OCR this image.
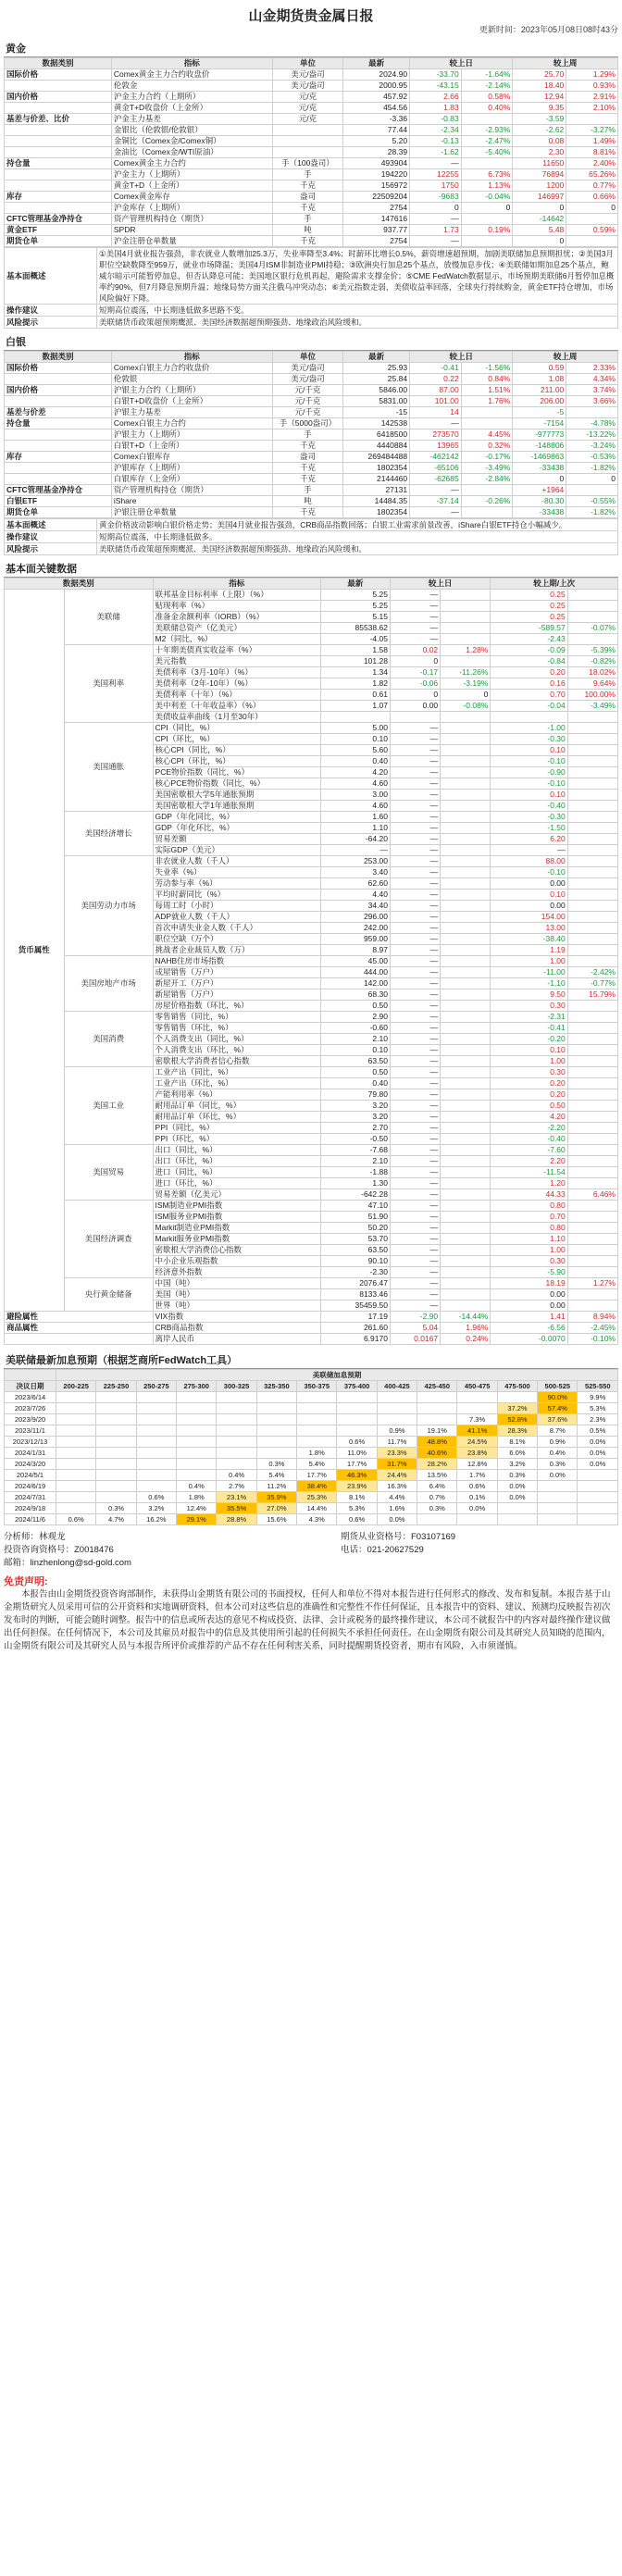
山金期货贵金属日报
更新时间：2023年05月08日08时43分
黄金
数据类别	指标	单位	最新	较上日		较上周	
国际价格	Comex黄金主力合约收盘价	美元/盎司	2024.90	-33.70	-1.64%	25.70	1.29%
	伦敦金	美元/盎司	2000.95	-43.15	-2.14%	18.40	0.93%
国内价格	沪金主力合约（上期所）	元/克	457.92	2.66	0.58%	12.94	2.91%
	黄金T+D收盘价（上金所）	元/克	454.56	1.83	0.40%	9.35	2.10%
基差与价差、比价	沪金主力基差	元/克	-3.36	-0.83		-3.59	
	金银比（伦敦银/伦敦银）		77.44	-2.34	-2.93%	-2.62	-3.27%
	金铜比（Comex金/Comex铜）		5.20	-0.13	-2.47%	0.08	1.49%
	金油比（Comex金/WTI原油）		28.39	-1.62	-5.40%	2.30	8.81%
持仓量	Comex黄金主力合约	手（100盎司）	493904	—		11650	2.40%
	沪金主力（上期所）	手	194220	12255	6.73%	76894	65.26%
	黄金T+D（上金所）	千克	156972	1750	1.13%	1200	0.77%
库存	Comex黄金库存	盎司	22509204	-9683	-0.04%	146997	0.66%
	沪金库存（上期所）	千克	2754	0	0	0	0
CFTC管理基金净持仓	资产管理机构持仓（期货）	手	147616	—		-14642	
黄金ETF	SPDR	吨	937.77	1.73	0.19%	5.48	0.59%
期货仓单	沪金注册仓单数量	千克	2754	—		0	
基本面概述	①美国4月就业报告强劲，非农就业人数增加25.3万，失业率降至3.4%；时薪环比增长0.5%，薪资增速超预期，加剧美联储加息预期担忧；②美国3月职位空缺数降至959万，就业市场降温；美国4月ISM非制造业PMI持稳；③欧洲央行加息25个基点，放慢加息步伐；④美联储如期加息25个基点，鲍威尔暗示可能暂停加息，但否认降息可能；美国地区银行危机再起，避险需求支撑金价；⑤CME FedWatch数据显示，市场预期美联储6月暂停加息概率约90%，但7月降息预期升温；地缘局势方面关注俄乌冲突动态；⑥美元指数走弱，美债收益率回落，全球央行持续购金，黄金ETF持仓增加，市场风险偏好下降。
操作建议	短期高位震荡，中长期逢低做多思路不变。
风险提示	美联储货币政策超预期鹰派、美国经济数据超预期强劲、地缘政治风险缓和。
白银
数据类别	指标	单位	最新	较上日		较上周	
国际价格	Comex白银主力合约收盘价	美元/盎司	25.93	-0.41	-1.56%	0.59	2.33%
	伦敦银	美元/盎司	25.84	0.22	0.84%	1.08	4.34%
国内价格	沪银主力合约（上期所）	元/千克	5846.00	87.00	1.51%	211.00	3.74%
	白银T+D收盘价（上金所）	元/千克	5831.00	101.00	1.76%	206.00	3.66%
基差与价差	沪银主力基差	元/千克	-15	14		-5	
持仓量	Comex白银主力合约	手（5000盎司）	142538	—		-7154	-4.78%
	沪银主力（上期所）	手	6418500	273570	4.45%	-977773	-13.22%
	白银T+D（上金所）	千克	4440884	13965	0.32%	-148806	-3.24%
库存	Comex白银库存	盎司	269484488	-462142	-0.17%	-1469863	-0.53%
	沪银库存（上期所）	千克	1802354	-65106	-3.49%	-33438	-1.82%
	白银库存（上金所）	千克	2144460	-62685	-2.84%	0	0
CFTC管理基金净持仓	资产管理机构持仓（期货）	手	27131	—		+1964	
白银ETF	iShare	吨	14484.35	-37.14	-0.26%	-80.30	-0.55%
期货仓单	沪银注册仓单数量	千克	1802354	—		-33438	-1.82%
基本面概述	黄金价格波动影响白银价格走势；美国4月就业报告强劲，CRB商品指数回落；白银工业需求前景改善，iShare白银ETF持仓小幅减少。
操作建议	短期高位震荡，中长期逢低做多。
风险提示	美联储货币政策超预期鹰派、美国经济数据超预期强劲、地缘政治风险缓和。
基本面关键数据
数据类别		指标	最新	较上日		较上期/上次	
货币属性	美联储	联邦基金目标利率（上限）（%）	5.25	—		0.25	
		贴现利率（%）	5.25	—		0.25	
		准备金余额利率（IORB）（%）	5.15	—		0.25	
		美联储总资产（亿美元）	85538.62	—		-589.57	-0.07%
		M2（同比，%）	-4.05	—		-2.43	
	美国利率	十年期美债真实收益率（%）	1.58	0.02	1.28%	-0.09	-5.39%
		美元指数	101.28	0		-0.84	-0.82%
		美债利率（3月-10年）（%）	1.34	-0.17	-11.26%	0.20	18.02%
		美债利率（2年-10年）（%）	1.82	-0.06	-3.19%	0.16	9.64%
		美债利率（十年）（%）	0.61	0	0	0.70	100.00%
		美中利差（十年收益率）（%）	1.07	0.00	-0.08%	-0.04	-3.49%
		美债收益率曲线（1月至30年）					
	美国通胀	CPI（同比，%）	5.00	—		-1.00	
		CPI（环比，%）	0.10	—		-0.30	
		核心CPI（同比，%）	5.60	—		0.10	
		核心CPI（环比，%）	0.40	—		-0.10	
		PCE物价指数（同比，%）	4.20	—		-0.90	
		核心PCE物价指数（同比，%）	4.60	—		-0.10	
		美国密歇根大学5年通胀预期	3.00	—		0.10	
		美国密歇根大学1年通胀预期	4.60	—		-0.40	
	美国经济增长	GDP（年化同比，%）	1.60	—		-0.30	
		GDP（年化环比，%）	1.10	—		-1.50	
		贸易差额	-64.20	—		6.20	
		实际GDP（美元）	—	—		—	
	美国劳动力市场	非农就业人数（千人）	253.00	—		88.00	
		失业率（%）	3.40	—		-0.10	
		劳动参与率（%）	62.60	—		0.00	
		平均时薪同比（%）	4.40	—		0.10	
		每周工时（小时）	34.40	—		0.00	
		ADP就业人数（千人）	296.00	—		154.00	
		首次申请失业金人数（千人）	242.00	—		13.00	
		职位空缺（万个）	959.00	—		-38.40	
		挑战者企业裁员人数（万）	8.97	—		1.19	
	美国房地产市场	NAHB住房市场指数	45.00	—		1.00	
		成屋销售（万户）	444.00	—		-11.00	-2.42%
		新屋开工（万户）	142.00	—		-1.10	-0.77%
		新屋销售（万户）	68.30	—		9.50	15.79%
		房屋价格指数（环比，%）	0.50	—		0.30	
	美国消费	零售销售（同比，%）	2.90	—		-2.31	
		零售销售（环比，%）	-0.60	—		-0.41	
		个人消费支出（同比，%）	2.10	—		-0.20	
		个人消费支出（环比，%）	0.10	—		0.10	
		密歇根大学消费者信心指数	63.50	—		1.00	
	美国工业	工业产出（同比，%）	0.50	—		0.30	
		工业产出（环比，%）	0.40	—		0.20	
		产能利用率（%）	79.80	—		0.20	
		耐用品订单（同比，%）	3.20	—		0.50	
		耐用品订单（环比，%）	3.20	—		4.20	
		PPI（同比，%）	2.70	—		-2.20	
		PPI（环比，%）	-0.50	—		-0.40	
	美国贸易	出口（同比，%）	-7.68	—		-7.60	
		出口（环比，%）	2.10	—		2.20	
		进口（同比，%）	-1.88	—		-11.54	
		进口（环比，%）	1.30	—		1.20	
		贸易差额（亿美元）	-642.28	—		44.33	6.46%
	美国经济调查	ISM制造业PMI指数	47.10	—		0.80	
		ISM服务业PMI指数	51.90	—		0.70	
		Markit制造业PMI指数	50.20	—		0.80	
		Markit服务业PMI指数	53.70	—		1.10	
		密歇根大学消费信心指数	63.50	—		1.00	
		中小企业乐观指数	90.10	—		0.30	
		经济意外指数	-2.30	—		-5.90	
	央行黄金储备	中国（吨）	2076.47	—		18.19	1.27%
		美国（吨）	8133.46	—		0.00	
		世界（吨）	35459.50	—		0.00	
避险属性		VIX指数	17.19	-2.90	-14.44%	1.41	8.94%
商品属性		CRB商品指数	261.60	5.04	1.96%	-6.56	-2.45%
		离岸人民币	6.9170	0.0167	0.24%	-0.0070	-0.10%
美联储最新加息预期（根据芝商所FedWatch工具）
	美联储加息预期													
决议日期	200-225	225-250	250-275	275-300	300-325	325-350	350-375	375-400	400-425	425-450	450-475	475-500	500-525	525-550
2023/6/14													90.0%	9.9%
2023/7/26												37.2%	57.4%	5.3%
2023/9/20											7.3%	52.8%	37.6%	2.3%
2023/11/1									0.9%	19.1%	41.1%	28.3%	8.7%	0.5%
2023/12/13								0.6%	11.7%	48.8%	24.5%	8.1%	0.9%	0.0%
2024/1/31							1.8%	11.0%	23.3%	40.6%	23.8%	6.0%	0.4%	0.0%
2024/3/20						0.3%	5.4%	17.7%	31.7%	28.2%	12.8%	3.2%	0.3%	0.0%
2024/5/1					0.4%	5.4%	17.7%	46.3%	24.4%	13.5%	1.7%	0.3%	0.0%	
2024/6/19				0.4%	2.7%	11.2%	38.4%	23.9%	16.3%	6.4%	0.6%	0.0%		
2024/7/31			0.6%	1.8%	23.1%	35.9%	25.3%	8.1%	4.4%	0.7%	0.1%	0.0%		
2024/9/18		0.3%	3.2%	12.4%	35.5%	27.0%	14.4%	5.3%	1.6%	0.3%	0.0%			
2024/11/6	0.6%	4.7%	16.2%	29.1%	28.8%	15.6%	4.3%	0.6%	0.0%					
分析师：林观龙	期货从业资格号：F03107169
投资咨询资格号：Z0018476	电话：021-20627529
邮箱：linzhenlong@sd-gold.com
免责声明:
本报告由山金期货投资咨询部制作，未获得山金期货有限公司的书面授权，任何人和单位不得对本报告进行任何形式的修改、发布和复制。本报告基于山金期货研究人员采用可信的公开资料和实地调研资料，但本公司对这些信息的准确性和完整性不作任何保证，且本报告中的资料、建议、预测均反映报告初次发布时的判断，可能会随时调整。报告中的信息或所表达的意见不构成投资、法律、会计或税务的最终操作建议，本公司不就报告中的内容对最终操作建议做出任何担保。在任何情况下，本公司及其雇员对报告中的信息及其使用所引起的任何损失不承担任何责任。在山金期货有限公司及其研究人员知晓的范围内，山金期货有限公司及其研究人员与本报告所评价或推荐的产品不存在任何利害关系，同时提醒期货投资者，期市有风险，入市须谨慎。
